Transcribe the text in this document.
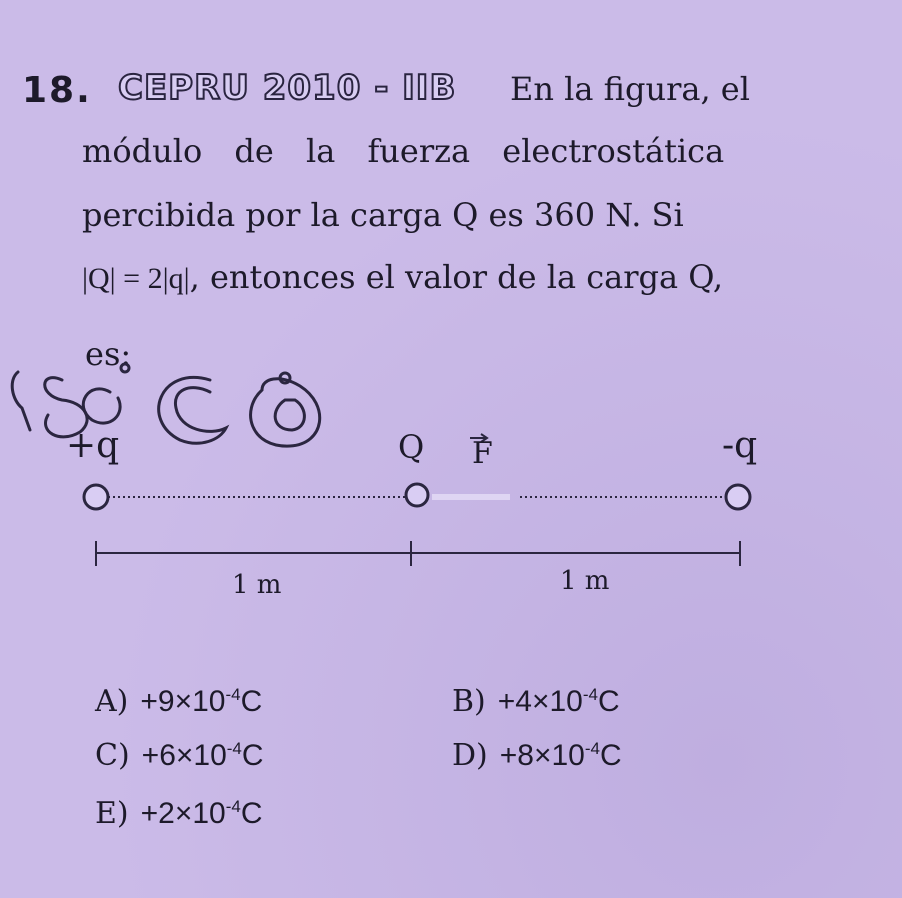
18. CEPRU 2010 - IIB En la figura, el
módulo de la fuerza electrostática
percibida por la carga Q es 360 N. Si
|Q| = 2|q|, entonces el valor de la carga Q,
es:
+q	Q F	-q
1 m	1 m
$A) +9\times 10^{-4}C$	$B) +4\times 10^{-4}C$
$C) +6\times 10^{-4}C$	$D) +8\times 10^{-4}C$
$E) +2\times 10^{-4}C$
